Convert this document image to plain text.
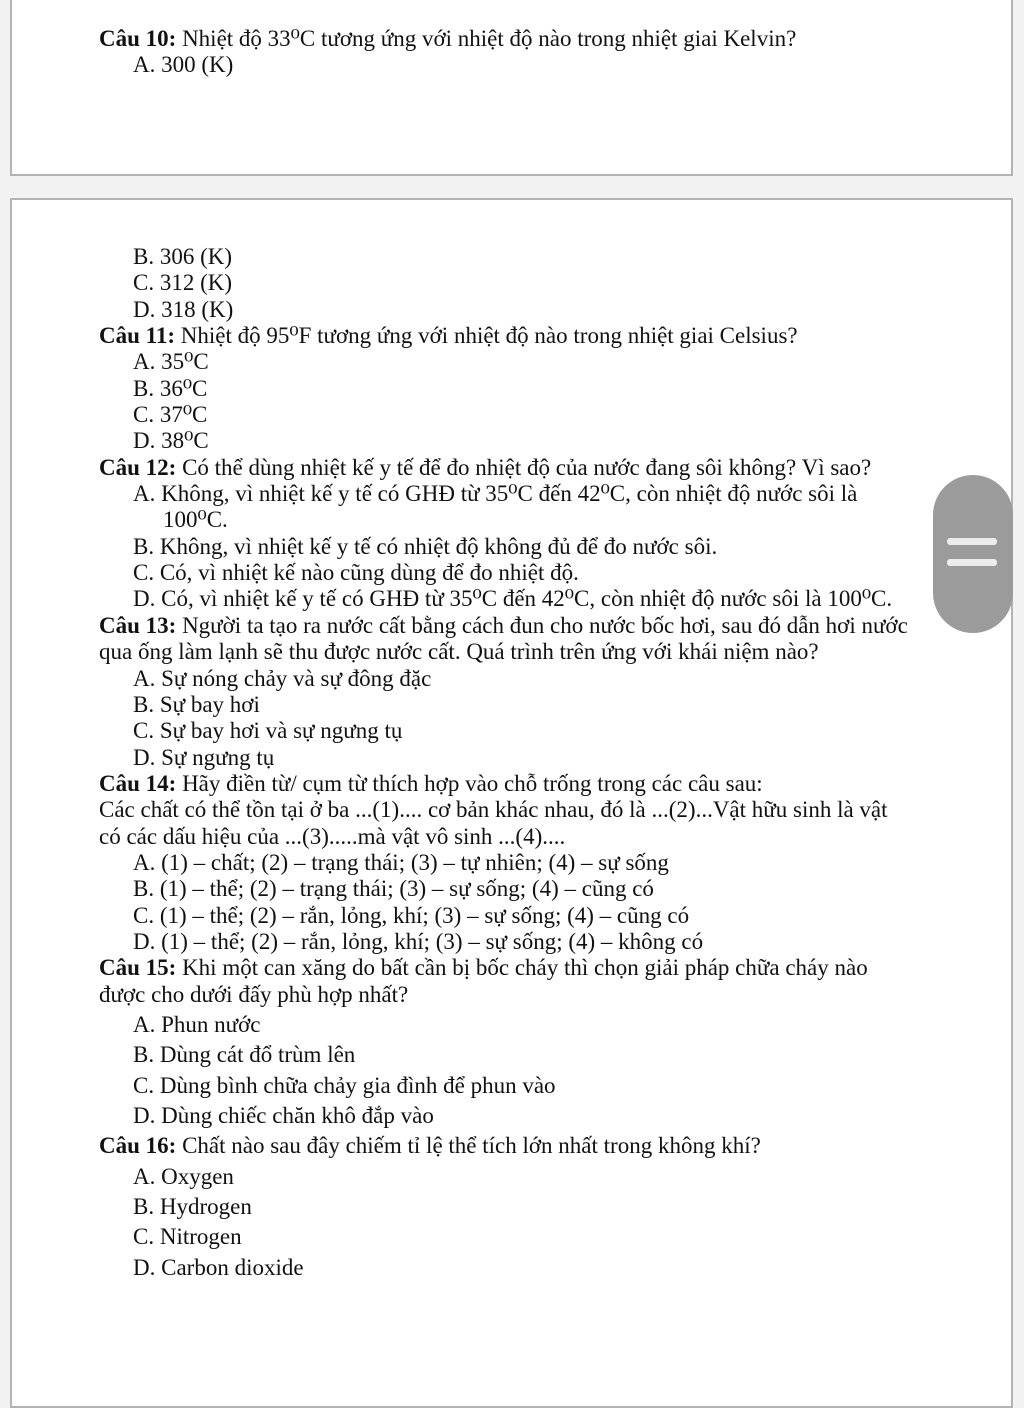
Câu 10: Nhiệt độ 33⁰C tương ứng với nhiệt độ nào trong nhiệt giai Kelvin?
A. 300 (K)
B. 306 (K)
C. 312 (K)
D. 318 (K)
Câu 11: Nhiệt độ 95⁰F tương ứng với nhiệt độ nào trong nhiệt giai Celsius?
A. 35⁰C
B. 36⁰C
C. 37⁰C
D. 38⁰C
Câu 12: Có thể dùng nhiệt kế y tế để đo nhiệt độ của nước đang sôi không? Vì sao?
A. Không, vì nhiệt kế y tế có GHĐ từ 35⁰C đến 42⁰C, còn nhiệt độ nước sôi là
100⁰C.
B. Không, vì nhiệt kế y tế có nhiệt độ không đủ để đo nước sôi.
C. Có, vì nhiệt kế nào cũng dùng để đo nhiệt độ.
D. Có, vì nhiệt kế y tế có GHĐ từ 35⁰C đến 42⁰C, còn nhiệt độ nước sôi là 100⁰C.
Câu 13: Người ta tạo ra nước cất bằng cách đun cho nước bốc hơi, sau đó dẫn hơi nước
qua ống làm lạnh sẽ thu được nước cất. Quá trình trên ứng với khái niệm nào?
A. Sự nóng chảy và sự đông đặc
B. Sự bay hơi
C. Sự bay hơi và sự ngưng tụ
D. Sự ngưng tụ
Câu 14: Hãy điền từ/ cụm từ thích hợp vào chỗ trống trong các câu sau:
Các chất có thể tồn tại ở ba ...(1).... cơ bản khác nhau, đó là ...(2)...Vật hữu sinh là vật
có các dấu hiệu của ...(3).....mà vật vô sinh ...(4)....
A. (1) – chất; (2) – trạng thái; (3) – tự nhiên; (4) – sự sống
B. (1) – thể; (2) – trạng thái; (3) – sự sống; (4) – cũng có
C. (1) – thể; (2) – rắn, lỏng, khí; (3) – sự sống; (4) – cũng có
D. (1) – thể; (2) – rắn, lỏng, khí; (3) – sự sống; (4) – không có
Câu 15: Khi một can xăng do bất cần bị bốc cháy thì chọn giải pháp chữa cháy nào
được cho dưới đấy phù hợp nhất?
A. Phun nước
B. Dùng cát đổ trùm lên
C. Dùng bình chữa chảy gia đình để phun vào
D. Dùng chiếc chăn khô đắp vào
Câu 16: Chất nào sau đây chiếm tỉ lệ thể tích lớn nhất trong không khí?
A. Oxygen
B. Hydrogen
C. Nitrogen
D. Carbon dioxide
